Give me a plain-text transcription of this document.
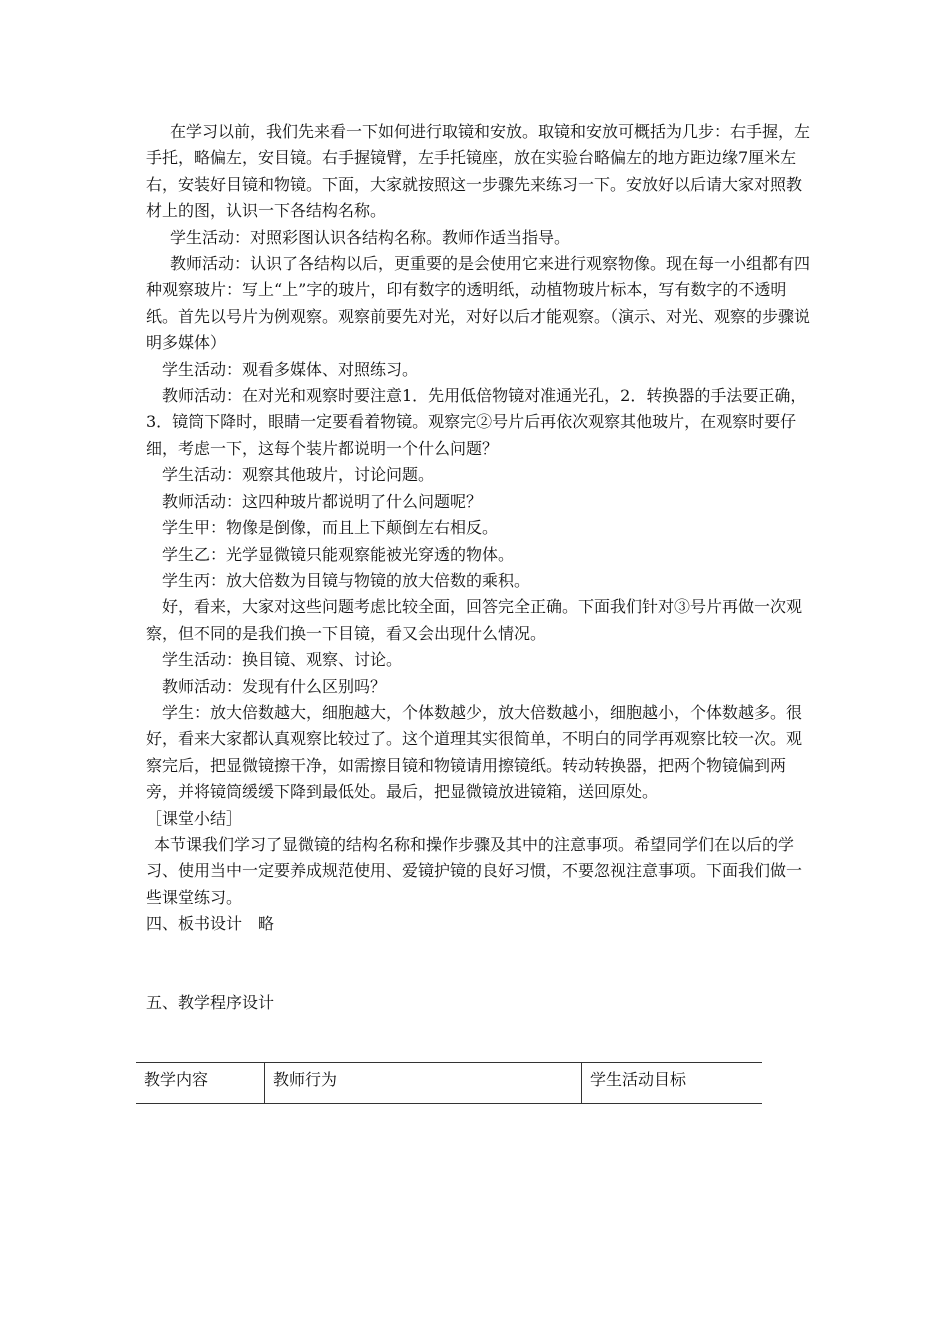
在学习以前，我们先来看一下如何进行取镜和安放。取镜和安放可概括为几步：右手握，左手托，略偏左，安目镜。右手握镜臂，左手托镜座，放在实验台略偏左的地方距边缘7厘米左右，安装好目镜和物镜。下面，大家就按照这一步骤先来练习一下。安放好以后请大家对照教材上的图，认识一下各结构名称。

学生活动：对照彩图认识各结构名称。教师作适当指导。

教师活动：认识了各结构以后，更重要的是会使用它来进行观察物像。现在每一小组都有四种观察玻片：写上“上”字的玻片，印有数字的透明纸，动植物玻片标本，写有数字的不透明纸。首先以号片为例观察。观察前要先对光，对好以后才能观察。（演示、对光、观察的步骤说明多媒体）

学生活动：观看多媒体、对照练习。

教师活动：在对光和观察时要注意1．先用低倍物镜对准通光孔，2．转换器的手法要正确，3．镜筒下降时，眼睛一定要看着物镜。观察完②号片后再依次观察其他玻片，在观察时要仔细，考虑一下，这每个装片都说明一个什么问题？

学生活动：观察其他玻片，讨论问题。

教师活动：这四种玻片都说明了什么问题呢？

学生甲：物像是倒像，而且上下颠倒左右相反。

学生乙：光学显微镜只能观察能被光穿透的物体。

学生丙：放大倍数为目镜与物镜的放大倍数的乘积。

好，看来，大家对这些问题考虑比较全面，回答完全正确。下面我们针对③号片再做一次观察，但不同的是我们换一下目镜，看又会出现什么情况。

学生活动：换目镜、观察、讨论。

教师活动：发现有什么区别吗？

学生：放大倍数越大，细胞越大，个体数越少，放大倍数越小，细胞越小，个体数越多。很好，看来大家都认真观察比较过了。这个道理其实很简单，不明白的同学再观察比较一次。观察完后，把显微镜擦干净，如需擦目镜和物镜请用擦镜纸。转动转换器，把两个物镜偏到两旁，并将镜筒缓缓下降到最低处。最后，把显微镜放进镜箱，送回原处。

［课堂小结］

本节课我们学习了显微镜的结构名称和操作步骤及其中的注意事项。希望同学们在以后的学习、使用当中一定要养成规范使用、爱镜护镜的良好习惯，不要忽视注意事项。下面我们做一些课堂练习。

四、板书设计　略

五、教学程序设计

教学内容	教师行为	学生活动目标
